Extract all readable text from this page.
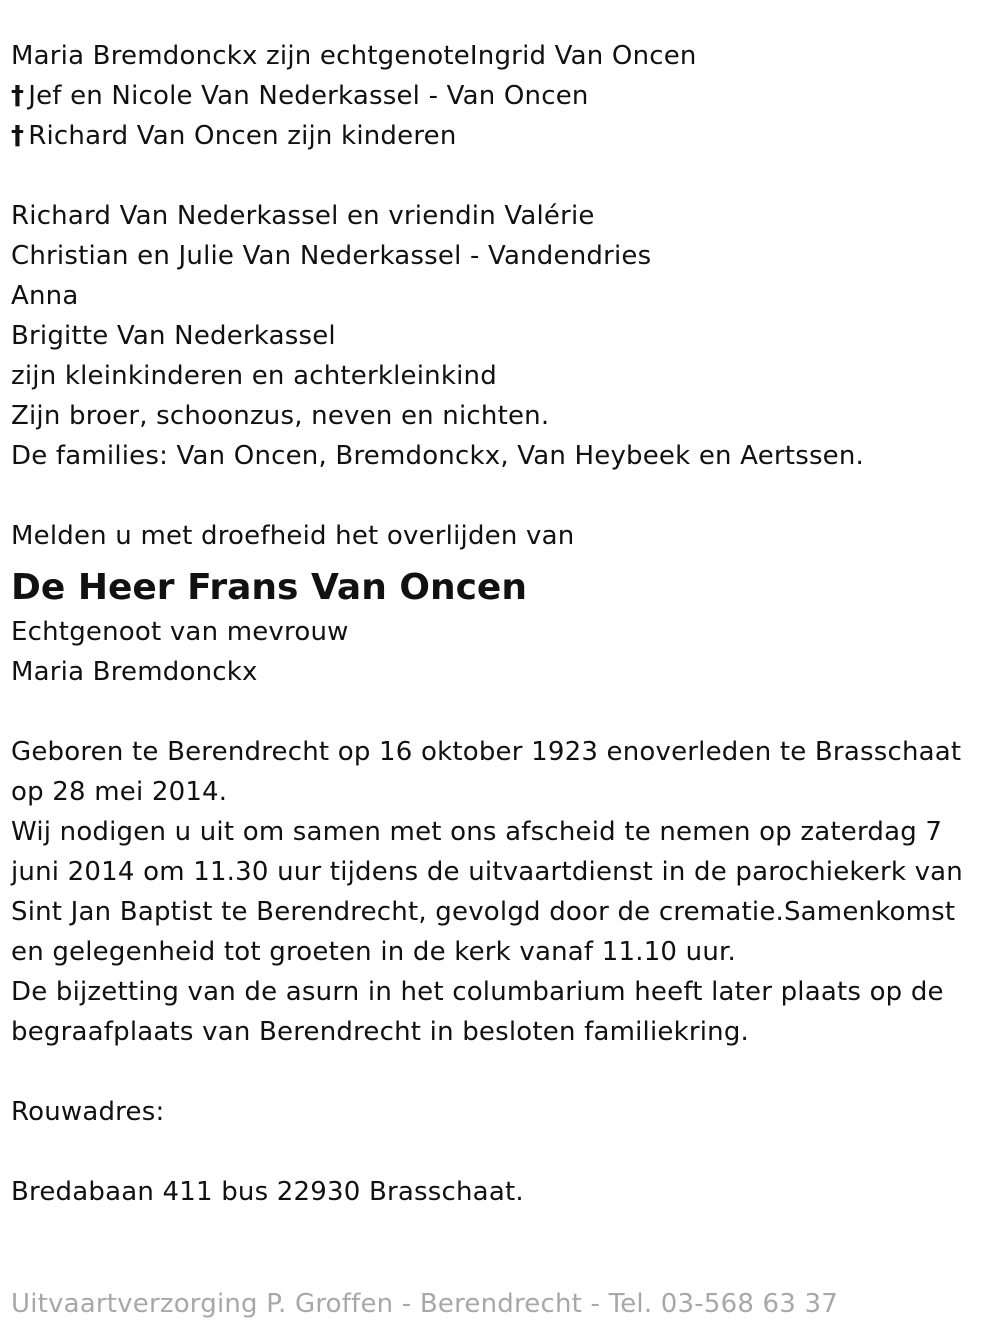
Maria Bremdonckx zijn echtgenoteIngrid Van Oncen
† Jef en Nicole Van Nederkassel - Van Oncen
† Richard Van Oncen zijn kinderen
Richard Van Nederkassel en vriendin Valérie
Christian en Julie Van Nederkassel - Vandendries
Anna
Brigitte Van Nederkassel
zijn kleinkinderen en achterkleinkind
Zijn broer, schoonzus, neven en nichten.
De families: Van Oncen, Bremdonckx, Van Heybeek en Aertssen.
Melden u met droefheid het overlijden van
De Heer Frans Van Oncen
Echtgenoot van mevrouw
Maria Bremdonckx
Geboren te Berendrecht op 16 oktober 1923 enoverleden te Brasschaat
op 28 mei 2014.
Wij nodigen u uit om samen met ons afscheid te nemen op zaterdag 7
juni 2014 om 11.30 uur tijdens de uitvaartdienst in de parochiekerk van
Sint Jan Baptist te Berendrecht, gevolgd door de crematie.Samenkomst
en gelegenheid tot groeten in de kerk vanaf 11.10 uur.
De bijzetting van de asurn in het columbarium heeft later plaats op de
begraafplaats van Berendrecht in besloten familiekring.
Rouwadres:
Bredabaan 411 bus 22930 Brasschaat.
Uitvaartverzorging P. Groffen - Berendrecht - Tel. 03-568 63 37
